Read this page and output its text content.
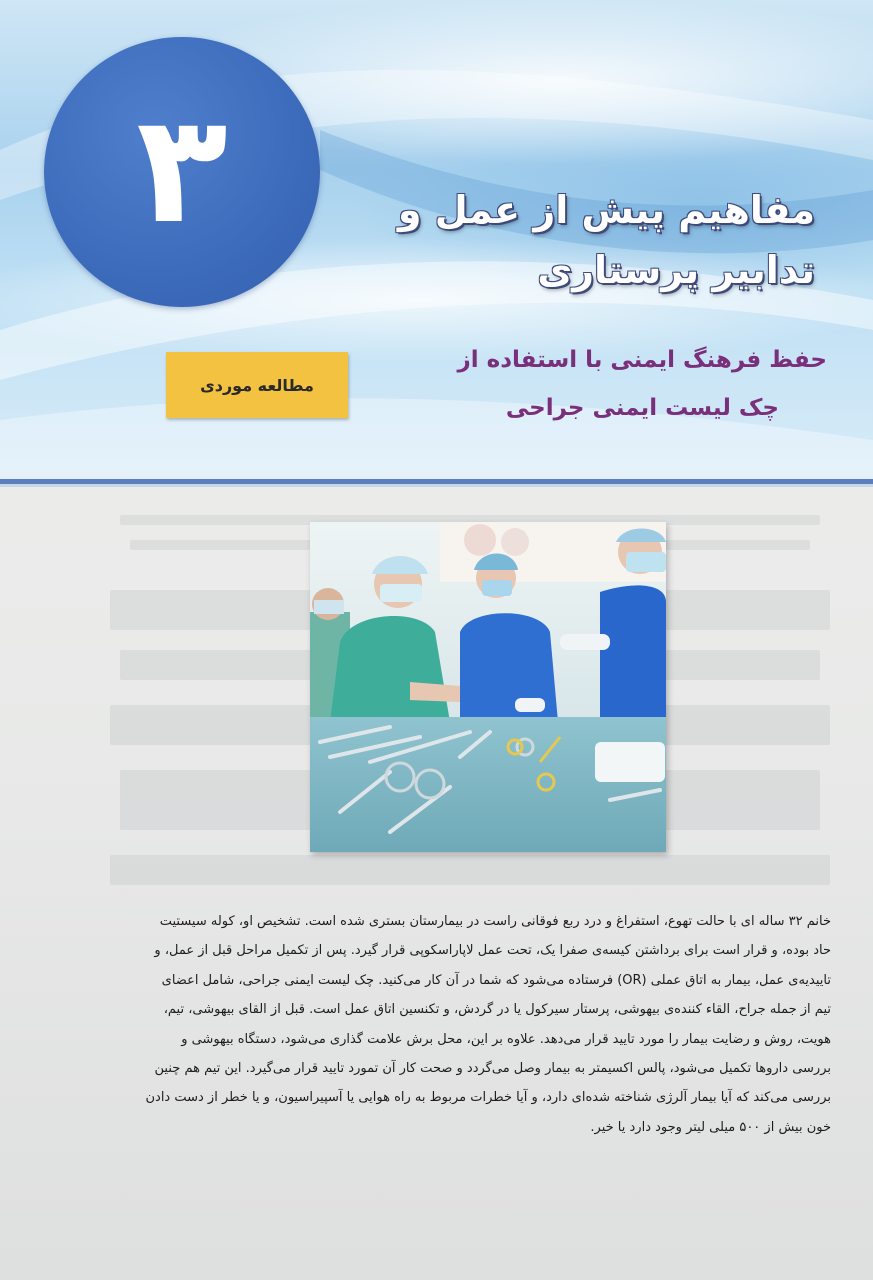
۳	مفاهیم پیش از عمل و تدابیر پرستاری
مطالعه موردی
حفظ فرهنگ ایمنی با استفاده از
چک لیست ایمنی جراحی
خانم ۳۲ ساله ای با حالت تهوع، استفراغ و درد ربع فوقانی راست در بیمارستان بستری شده است. تشخیص او، کوله سیستیت
حاد بوده، و قرار است برای برداشتن کیسه‌ی صفرا یک، تحت عمل لاپاراسکوپی قرار گیرد. پس از تکمیل مراحل قبل از عمل، و
تاییدیه‌ی عمل، بیمار به اتاق عملی (OR) فرستاده می‌شود که شما در آن کار می‌کنید. چک لیست ایمنی جراحی، شامل اعضای
تیم از جمله جراح، القاء کننده‌ی بیهوشی، پرستار سیرکول یا در گردش، و تکنسین اتاق عمل است. قبل از القای بیهوشی، تیم،
هویت، روش و رضایت بیمار را مورد تایید قرار می‌دهد. علاوه بر این، محل برش علامت گذاری می‌شود، دستگاه بیهوشی و
بررسی داروها تکمیل می‌شود، پالس اکسیمتر به بیمار وصل می‌گردد و صحت کار آن تمورد تایید قرار می‌گیرد. این تیم هم چنین
بررسی می‌کند که آیا بیمار آلرژی شناخته شده‌ای دارد، و آیا خطرات مربوط به راه هوایی یا آسپیراسیون، و یا خطر از دست دادن
خون بیش از ۵۰۰ میلی لیتر وجود دارد یا خیر.
